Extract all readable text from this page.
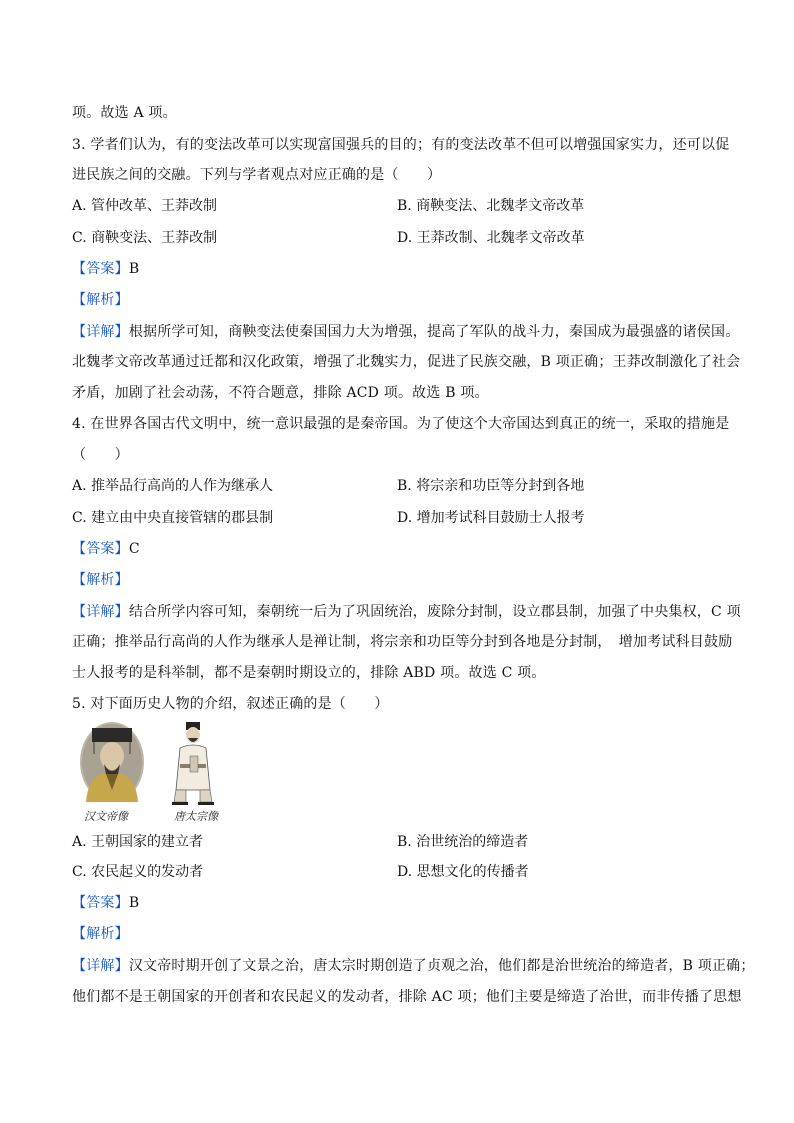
项。故选 A 项。
3. 学者们认为，有的变法改革可以实现富国强兵的目的；有的变法改革不但可以增强国家实力，还可以促
进民族之间的交融。下列与学者观点对应正确的是（　　）
A. 管仲改革、王莽改制	B. 商鞅变法、北魏孝文帝改革
C. 商鞅变法、王莽改制	D. 王莽改制、北魏孝文帝改革
【答案】B
【解析】
【详解】根据所学可知，商鞅变法使秦国国力大为增强，提高了军队的战斗力，秦国成为最强盛的诸侯国。
北魏孝文帝改革通过迁都和汉化政策，增强了北魏实力，促进了民族交融，B 项正确；王莽改制激化了社会
矛盾，加剧了社会动荡，不符合题意，排除 ACD 项。故选 B 项。
4. 在世界各国古代文明中，统一意识最强的是秦帝国。为了使这个大帝国达到真正的统一，采取的措施是
（　　）
A. 推举品行高尚的人作为继承人	B. 将宗亲和功臣等分封到各地
C. 建立由中央直接管辖的郡县制	D. 增加考试科目鼓励士人报考
【答案】C
【解析】
【详解】结合所学内容可知，秦朝统一后为了巩固统治，废除分封制，设立郡县制，加强了中央集权，C 项
正确；推举品行高尚的人作为继承人是禅让制，将宗亲和功臣等分封到各地是分封制，　增加考试科目鼓励
士人报考的是科举制，都不是秦朝时期设立的，排除 ABD 项。故选 C 项。
5. 对下面历史人物的介绍，叙述正确的是（　　）
汉文帝像	唐太宗像
A. 王朝国家的建立者	B. 治世统治的缔造者
C. 农民起义的发动者	D. 思想文化的传播者
【答案】B
【解析】
【详解】汉文帝时期开创了文景之治，唐太宗时期创造了贞观之治，他们都是治世统治的缔造者，B 项正确；
他们都不是王朝国家的开创者和农民起义的发动者，排除 AC 项；他们主要是缔造了治世，而非传播了思想
